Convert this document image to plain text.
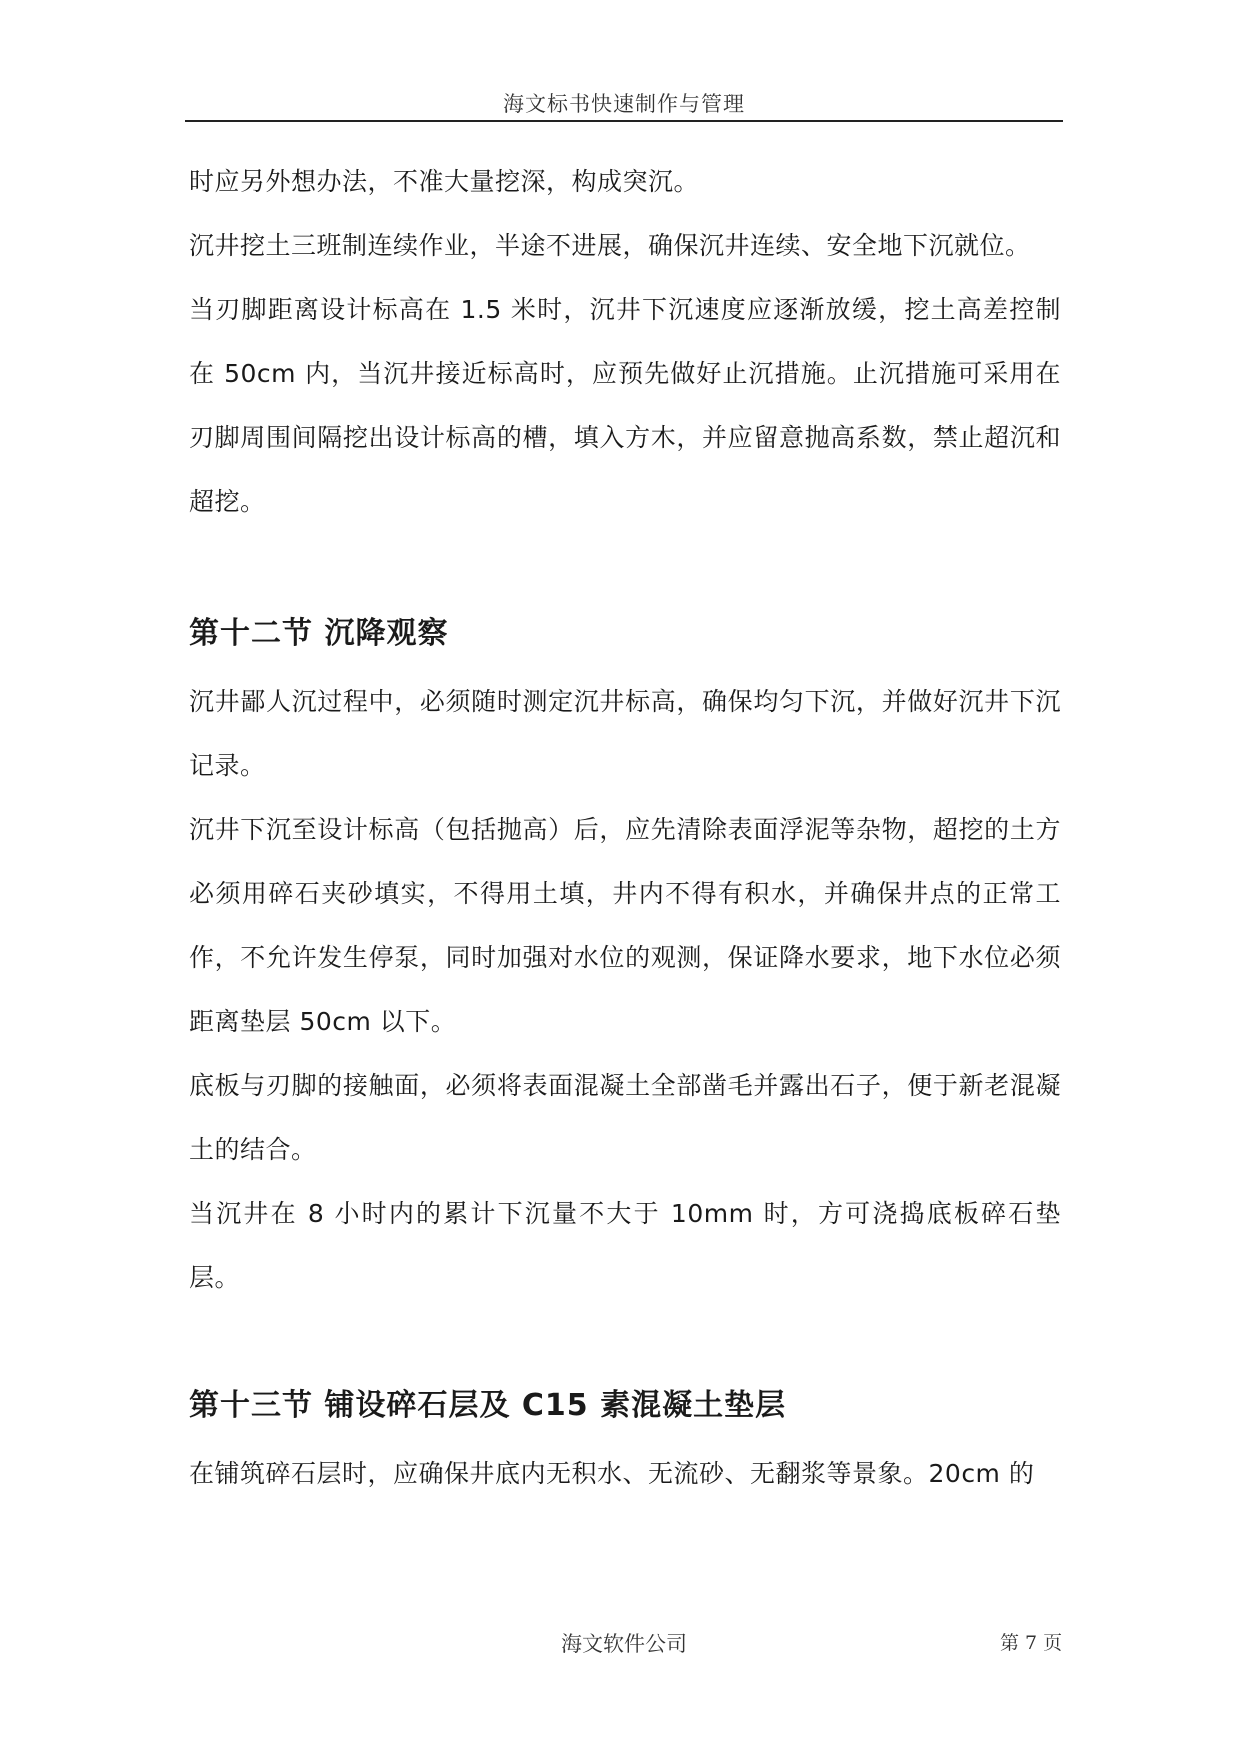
海文标书快速制作与管理

时应另外想办法，不准大量挖深，构成突沉。

沉井挖土三班制连续作业，半途不进展，确保沉井连续、安全地下沉就位。

当刃脚距离设计标高在 1.5 米时，沉井下沉速度应逐渐放缓，挖土高差控制在 50cm 内，当沉井接近标高时，应预先做好止沉措施。止沉措施可采用在刃脚周围间隔挖出设计标高的槽，填入方木，并应留意抛高系数，禁止超沉和超挖。

第十二节 沉降观察

沉井鄙人沉过程中，必须随时测定沉井标高，确保均匀下沉，并做好沉井下沉记录。

沉井下沉至设计标高（包括抛高）后，应先清除表面浮泥等杂物，超挖的土方必须用碎石夹砂填实，不得用土填，井内不得有积水，并确保井点的正常工作，不允许发生停泵，同时加强对水位的观测，保证降水要求，地下水位必须距离垫层 50cm 以下。

底板与刃脚的接触面，必须将表面混凝土全部凿毛并露出石子，便于新老混凝土的结合。

当沉井在 8 小时内的累计下沉量不大于 10mm 时，方可浇捣底板碎石垫层。

第十三节 铺设碎石层及 C15 素混凝土垫层

在铺筑碎石层时，应确保井底内无积水、无流砂、无翻浆等景象。20cm 的

海文软件公司	第 7 页
